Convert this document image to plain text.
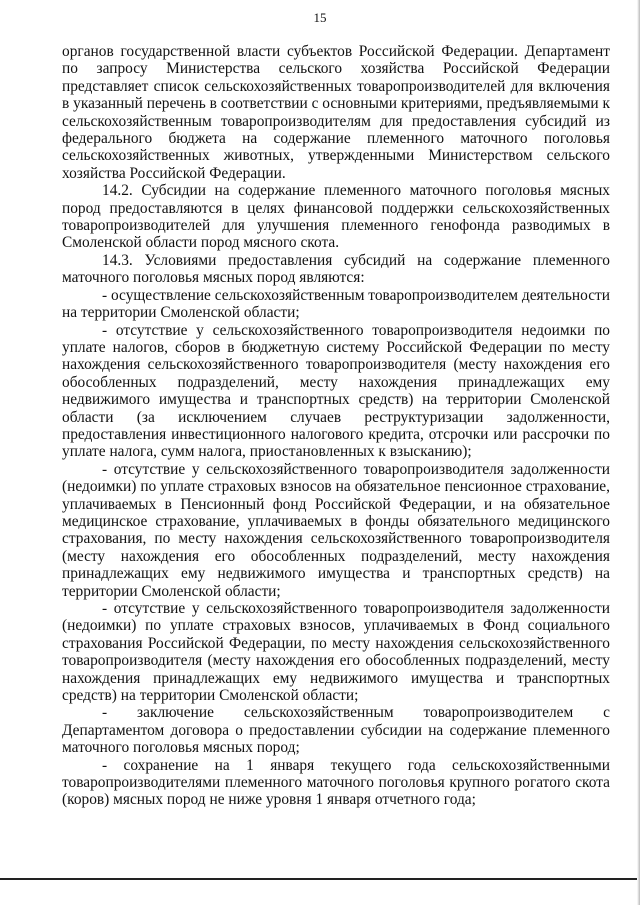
15

органов государственной власти субъектов Российской Федерации. Департамент по запросу Министерства сельского хозяйства Российской Федерации представляет список сельскохозяйственных товаропроизводителей для включения в указанный перечень в соответствии с основными критериями, предъявляемыми к сельскохозяйственным товаропроизводителям для предоставления субсидий из федерального бюджета на содержание племенного маточного поголовья сельскохозяйственных животных, утвержденными Министерством сельского хозяйства Российской Федерации.

14.2. Субсидии на содержание племенного маточного поголовья мясных пород предоставляются в целях финансовой поддержки сельскохозяйственных товаропроизводителей для улучшения племенного генофонда разводимых в Смоленской области пород мясного скота.

14.3. Условиями предоставления субсидий на содержание племенного маточного поголовья мясных пород являются:

- осуществление сельскохозяйственным товаропроизводителем деятельности на территории Смоленской области;

- отсутствие у сельскохозяйственного товаропроизводителя недоимки по уплате налогов, сборов в бюджетную систему Российской Федерации по месту нахождения сельскохозяйственного товаропроизводителя (месту нахождения его обособленных подразделений, месту нахождения принадлежащих ему недвижимого имущества и транспортных средств) на территории Смоленской области (за исключением случаев реструктуризации задолженности, предоставления инвестиционного налогового кредита, отсрочки или рассрочки по уплате налога, сумм налога, приостановленных к взысканию);

- отсутствие у сельскохозяйственного товаропроизводителя задолженности (недоимки) по уплате страховых взносов на обязательное пенсионное страхование, уплачиваемых в Пенсионный фонд Российской Федерации, и на обязательное медицинское страхование, уплачиваемых в фонды обязательного медицинского страхования, по месту нахождения сельскохозяйственного товаропроизводителя (месту нахождения его обособленных подразделений, месту нахождения принадлежащих ему недвижимого имущества и транспортных средств) на территории Смоленской области;

- отсутствие у сельскохозяйственного товаропроизводителя задолженности (недоимки) по уплате страховых взносов, уплачиваемых в Фонд социального страхования Российской Федерации, по месту нахождения сельскохозяйственного товаропроизводителя (месту нахождения его обособленных подразделений, месту нахождения принадлежащих ему недвижимого имущества и транспортных средств) на территории Смоленской области;

- заключение сельскохозяйственным товаропроизводителем с Департаментом договора о предоставлении субсидии на содержание племенного маточного поголовья мясных пород;

- сохранение на 1 января текущего года сельскохозяйственными товаропроизводителями племенного маточного поголовья крупного рогатого скота (коров) мясных пород не ниже уровня 1 января отчетного года;
